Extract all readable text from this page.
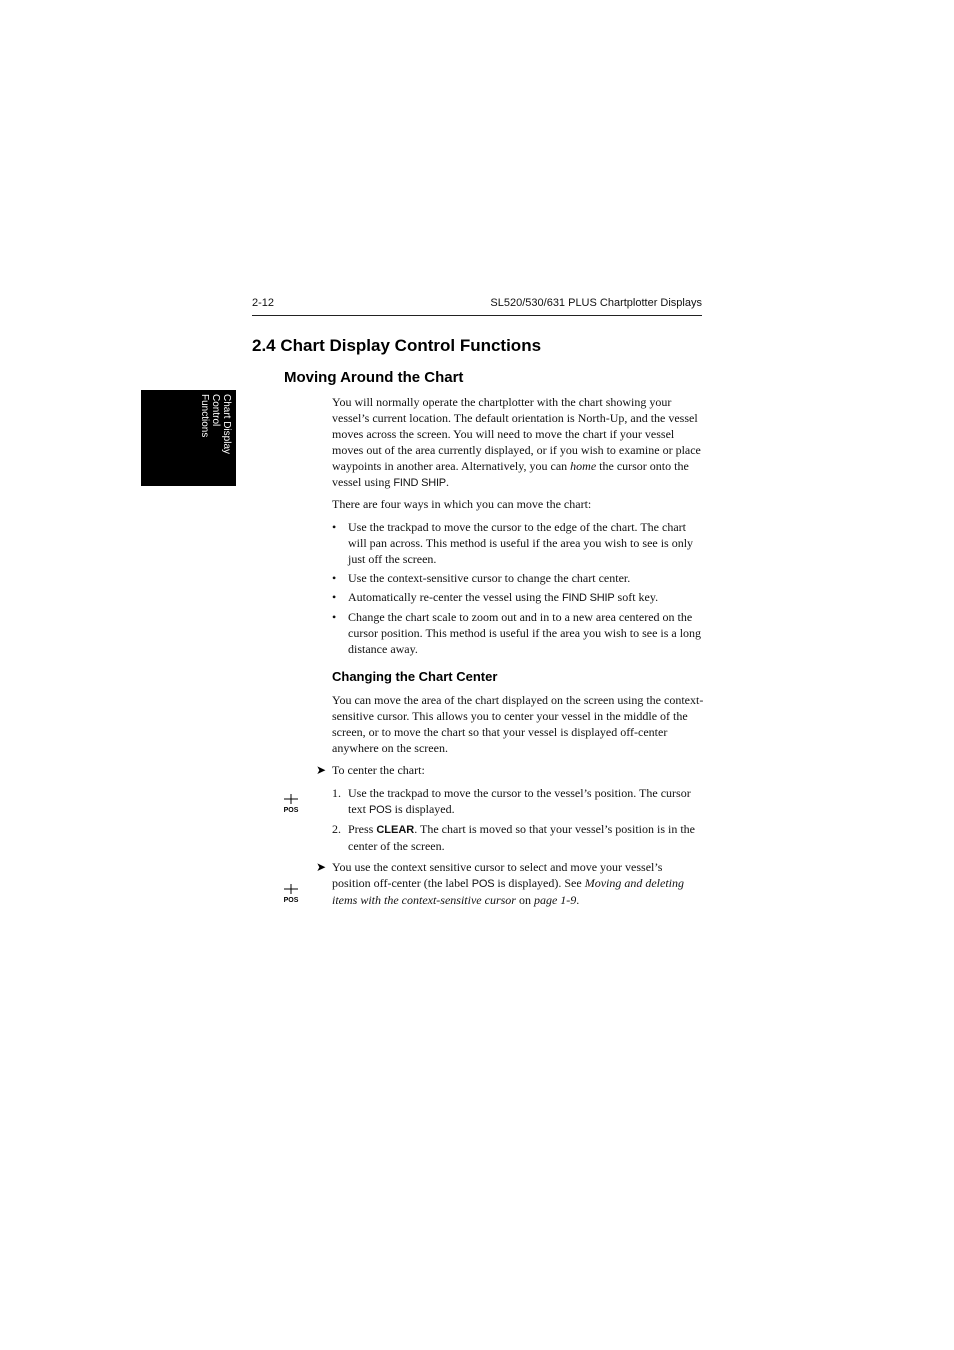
2-12	SL520/530/631 PLUS Chartplotter Displays
Chart Display Control
Functions
2.4 Chart Display Control Functions
Moving Around the Chart

You will normally operate the chartplotter with the chart showing your vessel’s current location. The default orientation is North-Up, and the vessel moves across the screen. You will need to move the chart if your vessel moves out of the area currently displayed, or if you wish to examine or place waypoints in another area. Alternatively, you can home the cursor onto the vessel using FIND SHIP.

There are four ways in which you can move the chart:

• Use the trackpad to move the cursor to the edge of the chart. The chart will pan across. This method is useful if the area you wish to see is only just off the screen.
• Use the context-sensitive cursor to change the chart center.
• Automatically re-center the vessel using the FIND SHIP soft key.
• Change the chart scale to zoom out and in to a new area centered on the cursor position. This method is useful if the area you wish to see is a long distance away.
Changing the Chart Center

You can move the area of the chart displayed on the screen using the context-sensitive cursor. This allows you to center your vessel in the middle of the screen, or to move the chart so that your vessel is displayed off-center anywhere on the screen.

➤ To center the chart:

POS
1. Use the trackpad to move the cursor to the vessel’s position. The cursor text POS is displayed.
2. Press CLEAR. The chart is moved so that your vessel’s position is in the center of the screen.
➤ You use the context sensitive cursor to select and move your vessel’s position off-center (the label POS is displayed). See Moving and deleting items with the context-sensitive cursor on page 1-9.

POS
